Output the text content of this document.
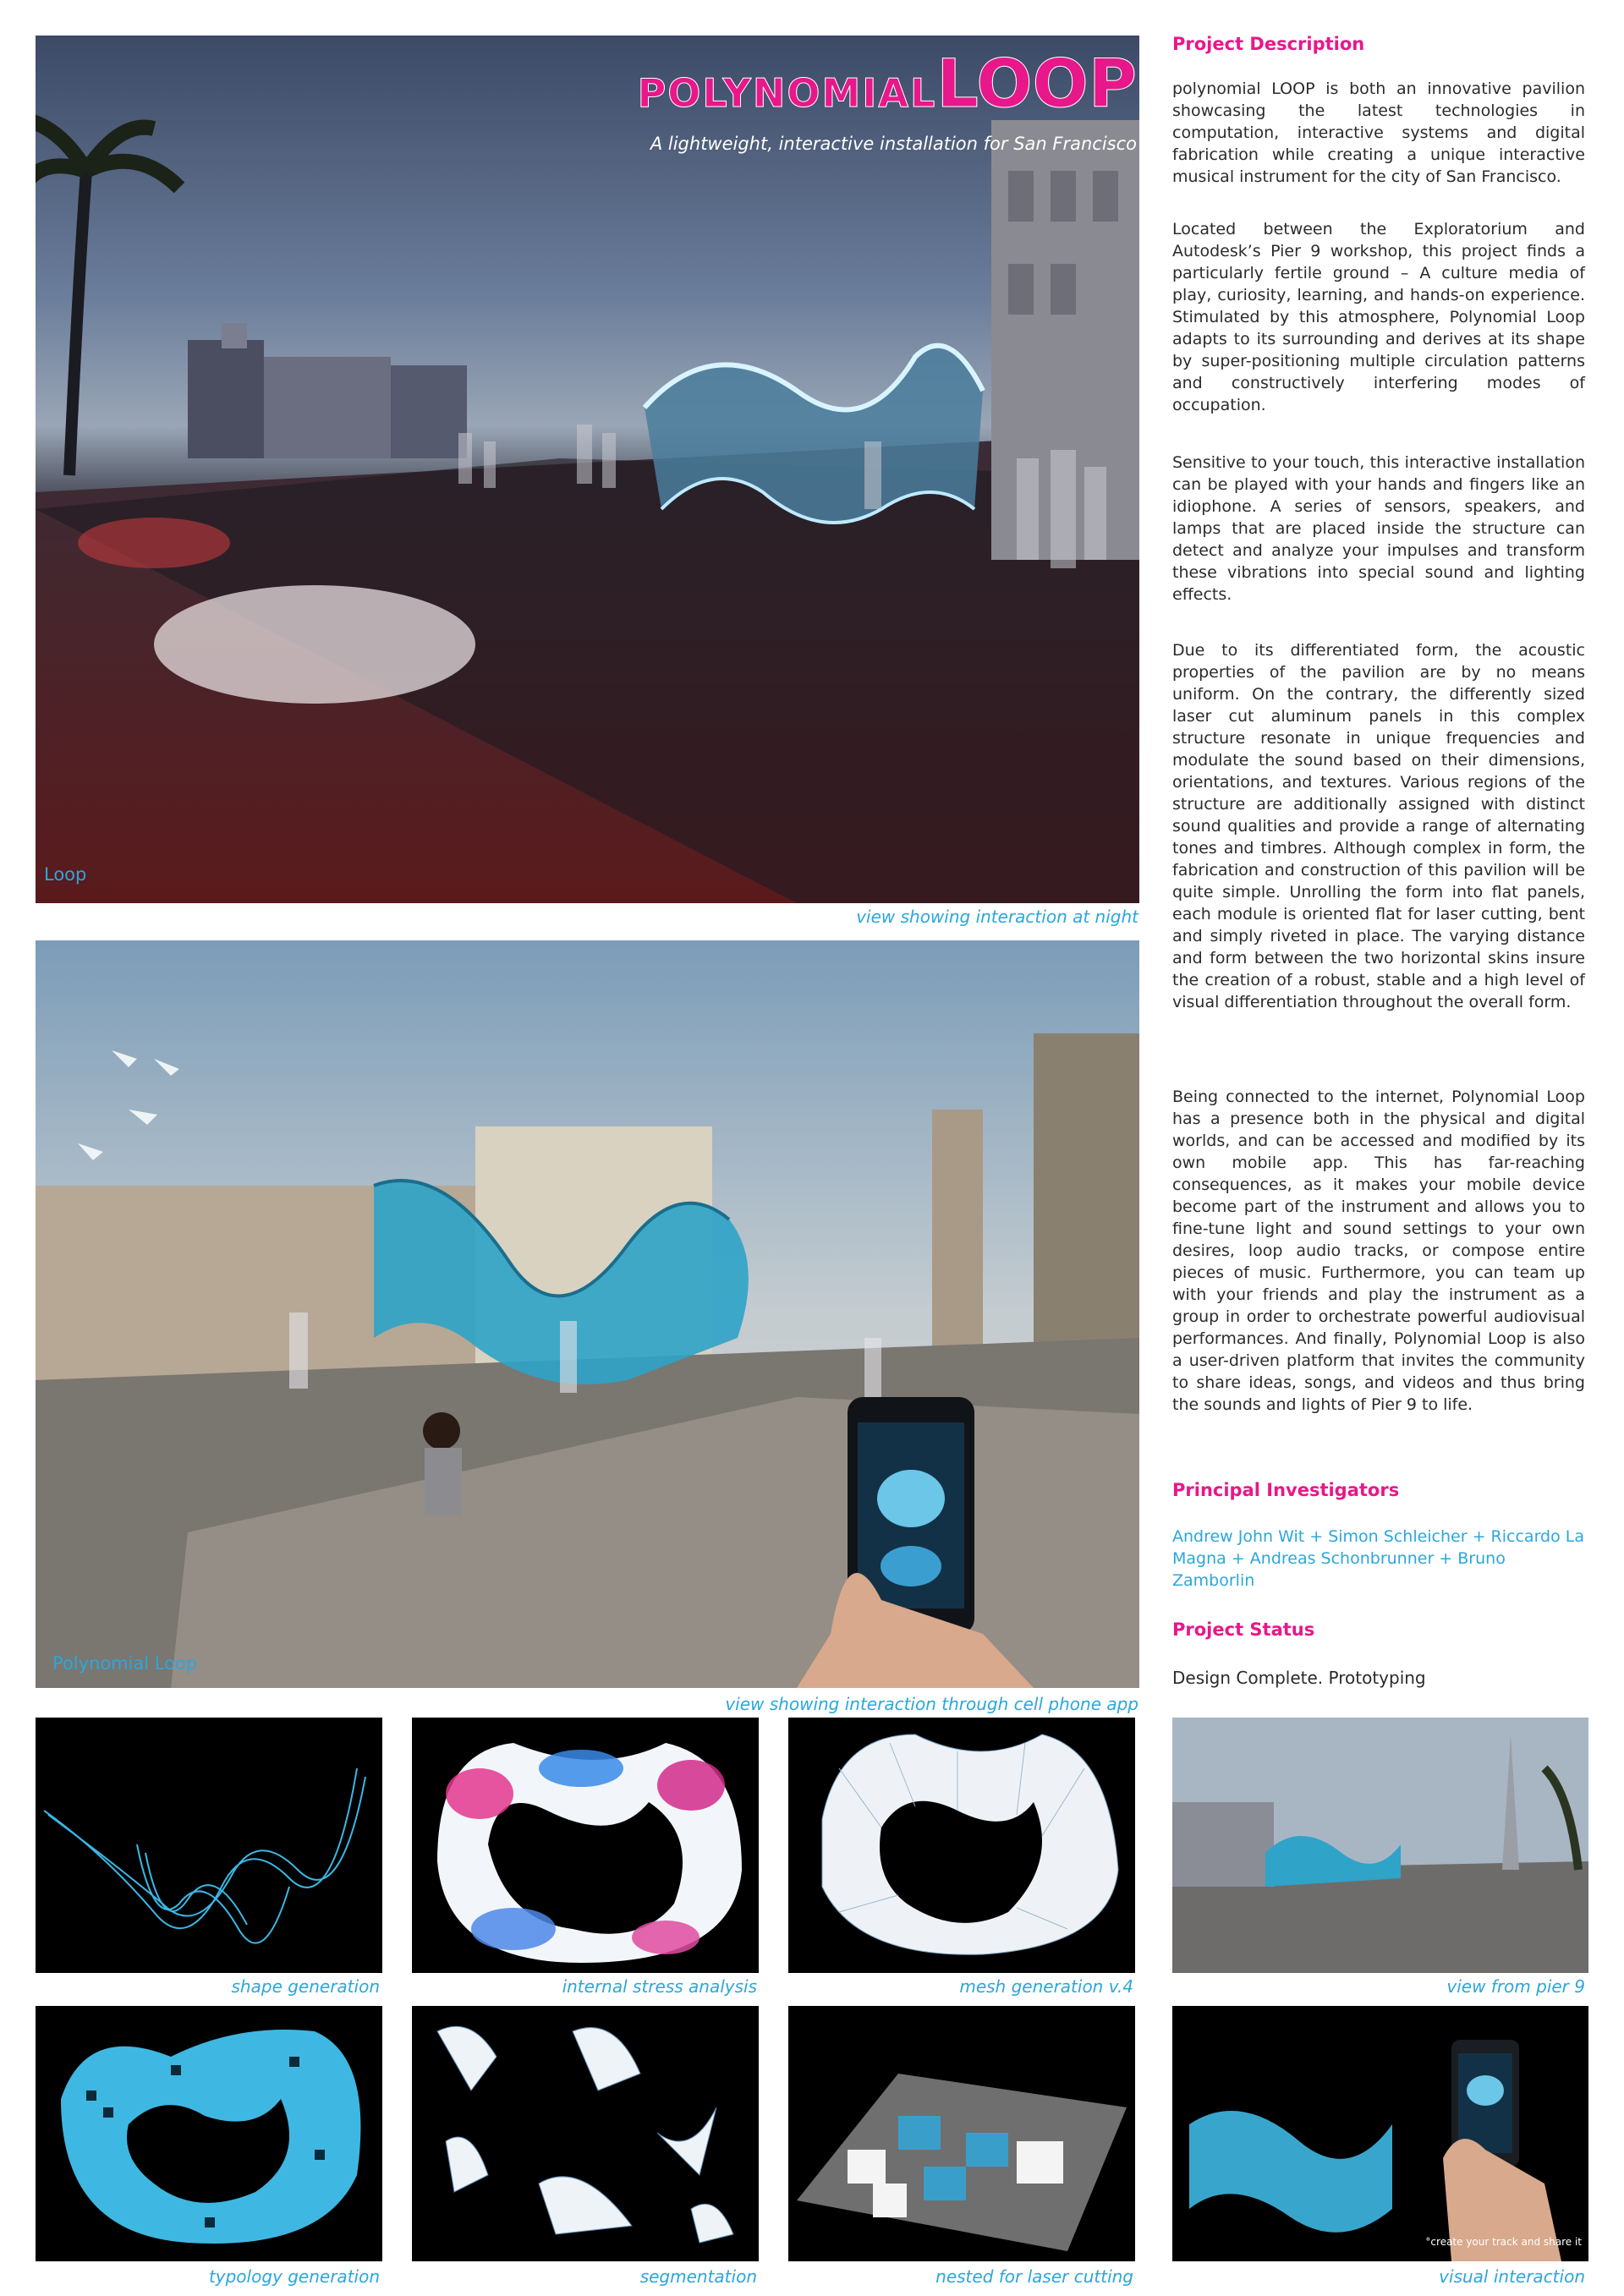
POLYNOMIALLOOP
A lightweight, interactive installation for San Francisco
Loop
view showing interaction at night
Polynomial Loop
view showing interaction through cell phone app
Project Description

polynomial LOOP is both an innovative pavilion showcasing the latest technologies in computation, interactive systems and digital fabrication while creating a unique interactive musical instrument for the city of San Francisco.

Located between the Exploratorium and Autodesk’s Pier 9 workshop, this project finds a particularly fertile ground – A culture media of play, curiosity, learning, and hands-on experience. Stimulated by this atmosphere, Polynomial Loop adapts to its surrounding and derives at its shape by super-positioning multiple circulation patterns and constructively interfering modes of occupation.

Sensitive to your touch, this interactive installation can be played with your hands and fingers like an idiophone. A series of sensors, speakers, and lamps that are placed inside the structure can detect and analyze your impulses and transform these vibrations into special sound and lighting effects.

Due to its differentiated form, the acoustic properties of the pavilion are by no means uniform. On the contrary, the differently sized laser cut aluminum panels in this complex structure resonate in unique frequencies and modulate the sound based on their dimensions, orientations, and textures. Various regions of the structure are additionally assigned with distinct sound qualities and provide a range of alternating tones and timbres. Although complex in form, the fabrication and construction of this pavilion will be quite simple. Unrolling the form into flat panels, each module is oriented flat for laser cutting, bent and simply riveted in place. The varying distance and form between the two horizontal skins insure the creation of a robust, stable and a high level of visual differentiation throughout the overall form.

Being connected to the internet, Polynomial Loop has a presence both in the physical and digital worlds, and can be accessed and modified by its own mobile app. This has far-reaching consequences, as it makes your mobile device become part of the instrument and allows you to fine-tune light and sound settings to your own desires, loop audio tracks, or compose entire pieces of music. Furthermore, you can team up with your friends and play the instrument as a group in order to orchestrate powerful audiovisual performances. And finally, Polynomial Loop is also a user-driven platform that invites the community to share ideas, songs, and videos and thus bring the sounds and lights of Pier 9 to life.

Principal Investigators
Andrew John Wit + Simon Schleicher + Riccardo La Magna + Andreas Schonbrunner + Bruno Zamborlin
Project Status
Design Complete. Prototyping
shape generation	internal stress analysis	mesh generation v.4	view from pier 9
typology generation	segmentation	nested for laser cutting
°create your track and share it
visual interaction
